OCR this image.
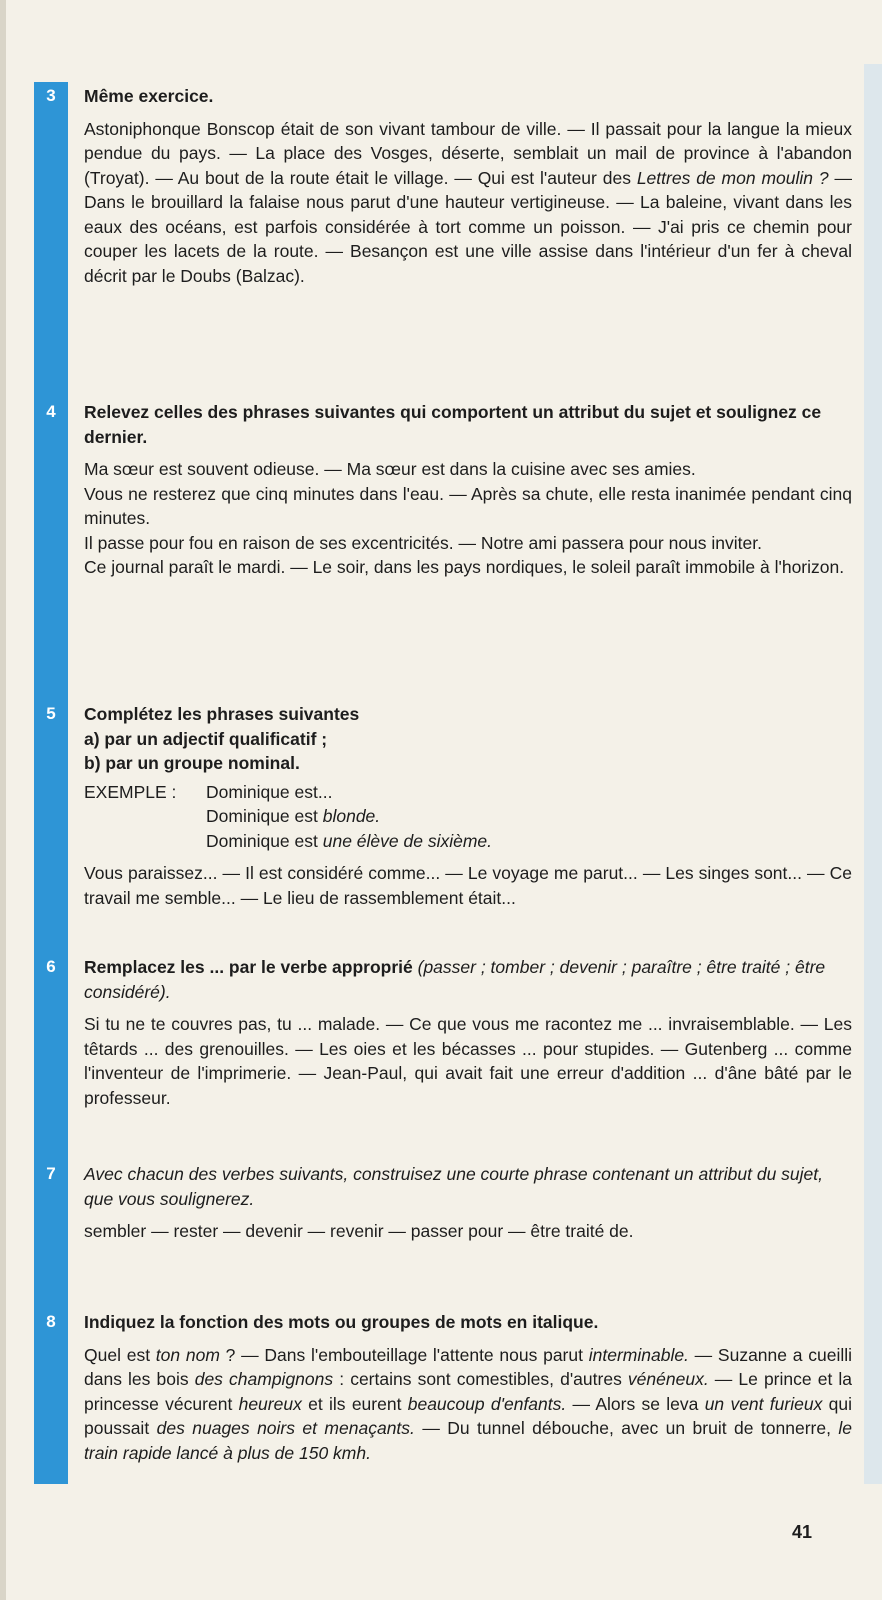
3	Même exercice.

Astoniphonque Bonscop était de son vivant tambour de ville. — Il passait pour la langue la mieux pendue du pays. — La place des Vosges, déserte, semblait un mail de province à l'abandon (Troyat). — Au bout de la route était le village. — Qui est l'auteur des Lettres de mon moulin ? — Dans le brouillard la falaise nous parut d'une hauteur vertigineuse. — La baleine, vivant dans les eaux des océans, est parfois considérée à tort comme un poisson. — J'ai pris ce chemin pour couper les lacets de la route. — Besançon est une ville assise dans l'intérieur d'un fer à cheval décrit par le Doubs (Balzac).

4	Relevez celles des phrases suivantes qui comportent un attribut du sujet et soulignez ce dernier.

Ma sœur est souvent odieuse. — Ma sœur est dans la cuisine avec ses amies.

Vous ne resterez que cinq minutes dans l'eau. — Après sa chute, elle resta inanimée pendant cinq minutes.

Il passe pour fou en raison de ses excentricités. — Notre ami passera pour nous inviter.

Ce journal paraît le mardi. — Le soir, dans les pays nordiques, le soleil paraît immobile à l'horizon.

5	Complétez les phrases suivantes

a) par un adjectif qualificatif ;

b) par un groupe nominal.

EXEMPLE :	Dominique est...
Dominique est blonde.
Dominique est une élève de sixième.

Vous paraissez... — Il est considéré comme... — Le voyage me parut... — Les singes sont... — Ce travail me semble... — Le lieu de rassemblement était...

6	Remplacez les ... par le verbe approprié (passer ; tomber ; devenir ; paraître ; être traité ; être considéré).

Si tu ne te couvres pas, tu ... malade. — Ce que vous me racontez me ... invraisemblable. — Les têtards ... des grenouilles. — Les oies et les bécasses ... pour stupides. — Gutenberg ... comme l'inventeur de l'imprimerie. — Jean-Paul, qui avait fait une erreur d'addition ... d'âne bâté par le professeur.

7	Avec chacun des verbes suivants, construisez une courte phrase contenant un attribut du sujet, que vous soulignerez.

sembler — rester — devenir — revenir — passer pour — être traité de.

8	Indiquez la fonction des mots ou groupes de mots en italique.

Quel est ton nom ? — Dans l'embouteillage l'attente nous parut interminable. — Suzanne a cueilli dans les bois des champignons : certains sont comestibles, d'autres vénéneux. — Le prince et la princesse vécurent heureux et ils eurent beaucoup d'enfants. — Alors se leva un vent furieux qui poussait des nuages noirs et menaçants. — Du tunnel débouche, avec un bruit de tonnerre, le train rapide lancé à plus de 150 kmh.

41
